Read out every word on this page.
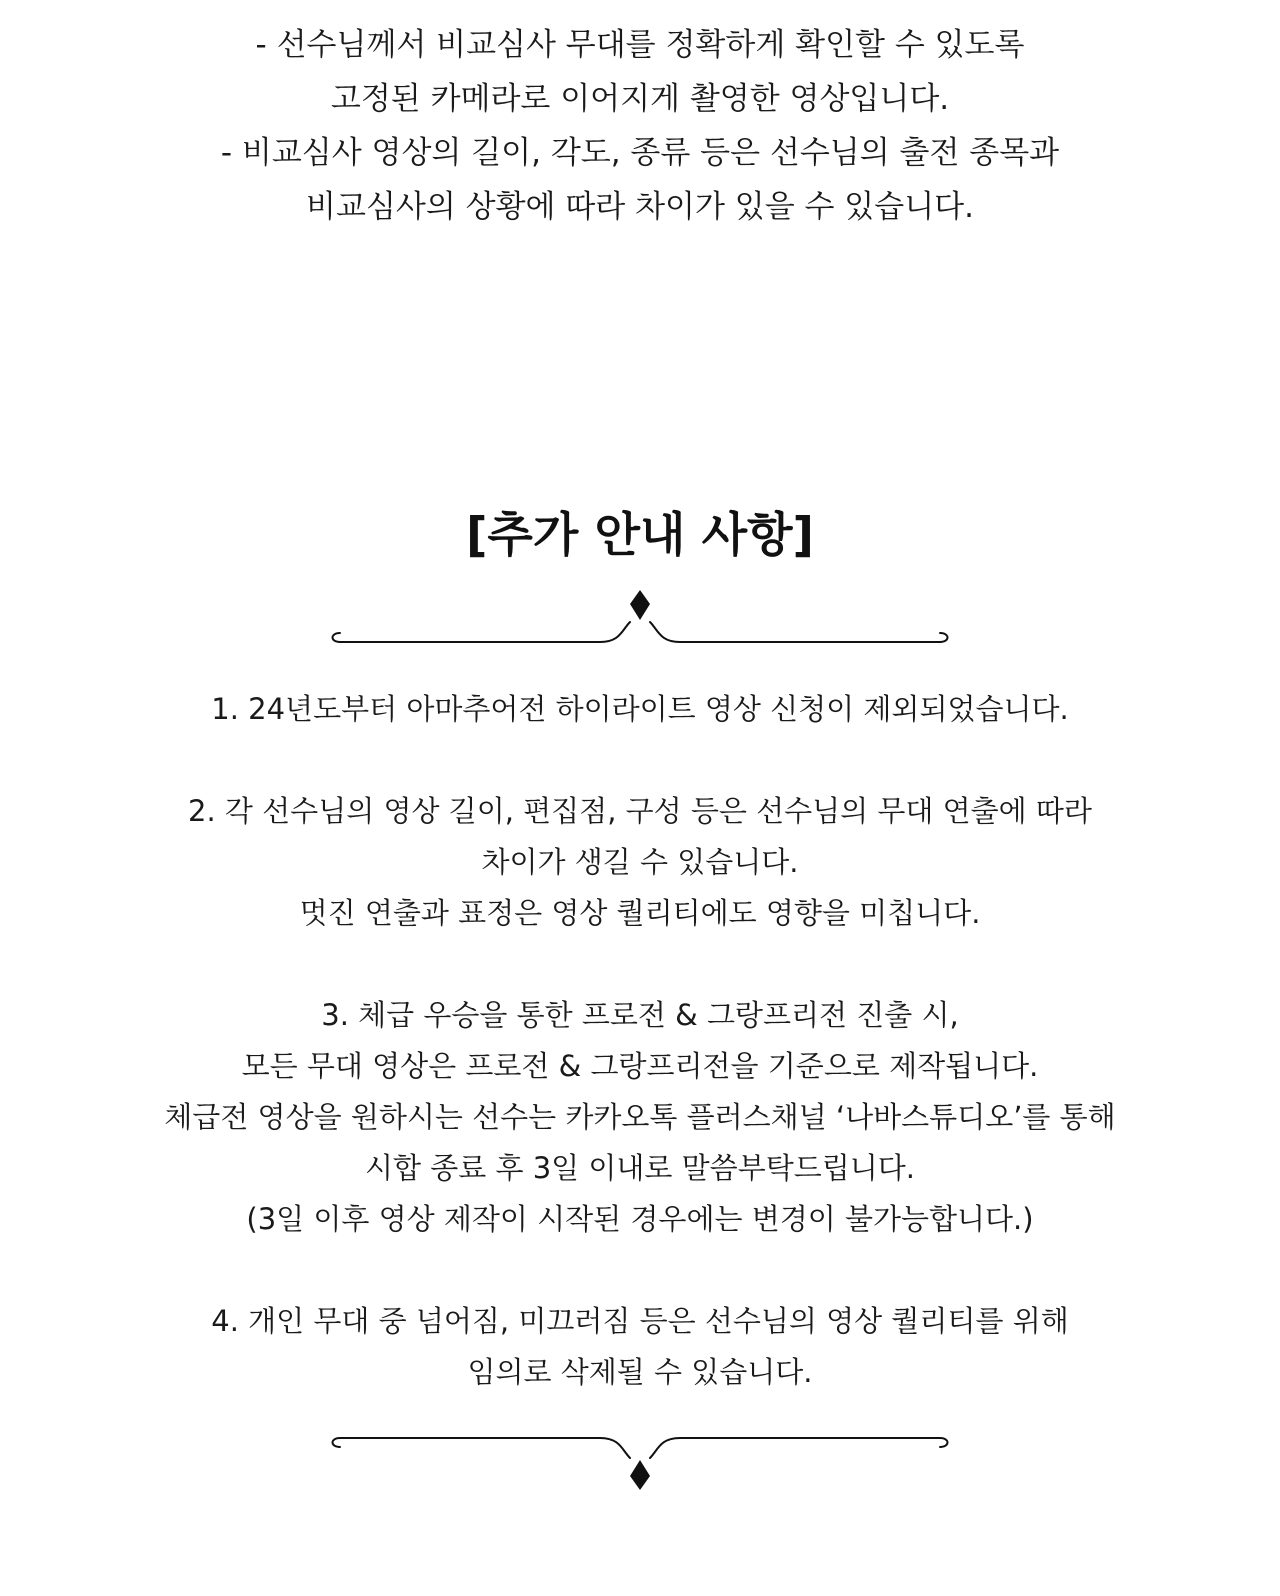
- 선수님께서 비교심사 무대를 정확하게 확인할 수 있도록
고정된 카메라로 이어지게 촬영한 영상입니다.
- 비교심사 영상의 길이, 각도, 종류 등은 선수님의 출전 종목과
비교심사의 상황에 따라 차이가 있을 수 있습니다.

[추가 안내 사항]
1. 24년도부터 아마추어전 하이라이트 영상 신청이 제외되었습니다.
2. 각 선수님의 영상 길이, 편집점, 구성 등은 선수님의 무대 연출에 따라
차이가 생길 수 있습니다.
멋진 연출과 표정은 영상 퀄리티에도 영향을 미칩니다.
3. 체급 우승을 통한 프로전 & 그랑프리전 진출 시,
모든 무대 영상은 프로전 & 그랑프리전을 기준으로 제작됩니다.
체급전 영상을 원하시는 선수는 카카오톡 플러스채널 ‘나바스튜디오’를 통해
시합 종료 후 3일 이내로 말씀부탁드립니다.
(3일 이후 영상 제작이 시작된 경우에는 변경이 불가능합니다.)
4. 개인 무대 중 넘어짐, 미끄러짐 등은 선수님의 영상 퀄리티를 위해
임의로 삭제될 수 있습니다.
